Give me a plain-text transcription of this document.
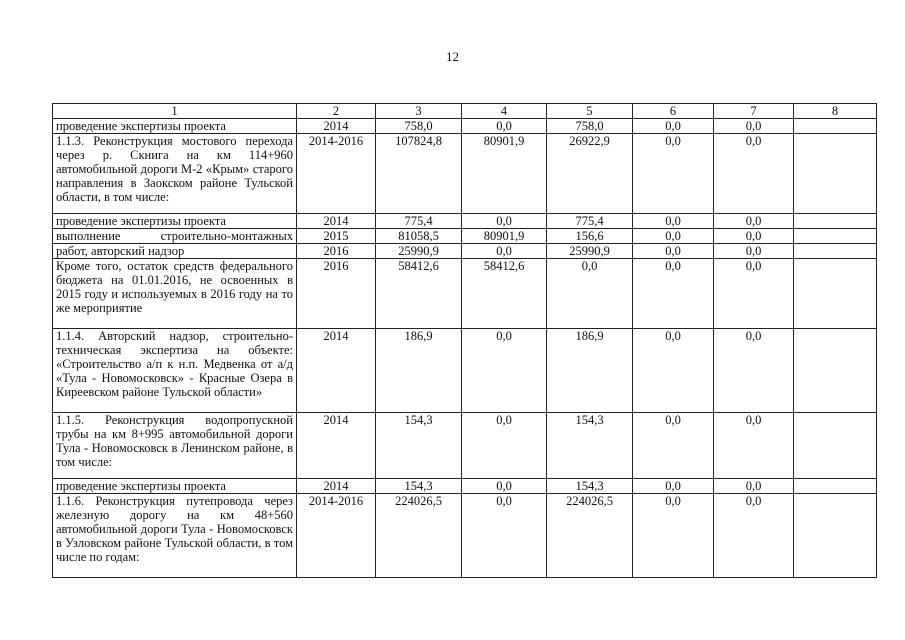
12
1	2	3	4	5	6	7	8
проведение экспертизы проекта	2014	758,0	0,0	758,0	0,0	0,0	
1.1.3. Реконструкция мостового перехода через р. Скнига на км 114+960 автомобильной дороги М-2 «Крым» старого направления в Заокском районе Тульской области, в том числе:	2014-2016	107824,8	80901,9	26922,9	0,0	0,0	
проведение экспертизы проекта	2014	775,4	0,0	775,4	0,0	0,0	
выполнение строительно-монтажных	2015	81058,5	80901,9	156,6	0,0	0,0	
работ, авторский надзор	2016	25990,9	0,0	25990,9	0,0	0,0	
Кроме того, остаток средств федерального бюджета на 01.01.2016, не освоенных в 2015 году и используемых в 2016 году на то же мероприятие	2016	58412,6	58412,6	0,0	0,0	0,0	
1.1.4. Авторский надзор, строительно-техническая экспертиза на объекте: «Строительство а/п к н.п. Медвенка от а/д «Тула - Новомосковск» - Красные Озера в Киреевском районе Тульской области»	2014	186,9	0,0	186,9	0,0	0,0	
1.1.5. Реконструкция водопропускной трубы на км 8+995 автомобильной дороги Тула - Новомосковск в Ленинском районе, в том числе:	2014	154,3	0,0	154,3	0,0	0,0	
проведение экспертизы проекта	2014	154,3	0,0	154,3	0,0	0,0	
1.1.6. Реконструкция путепровода через железную дорогу на км 48+560 автомобильной дороги Тула - Новомосковск в Узловском районе Тульской области, в том числе по годам:	2014-2016	224026,5	0,0	224026,5	0,0	0,0	
